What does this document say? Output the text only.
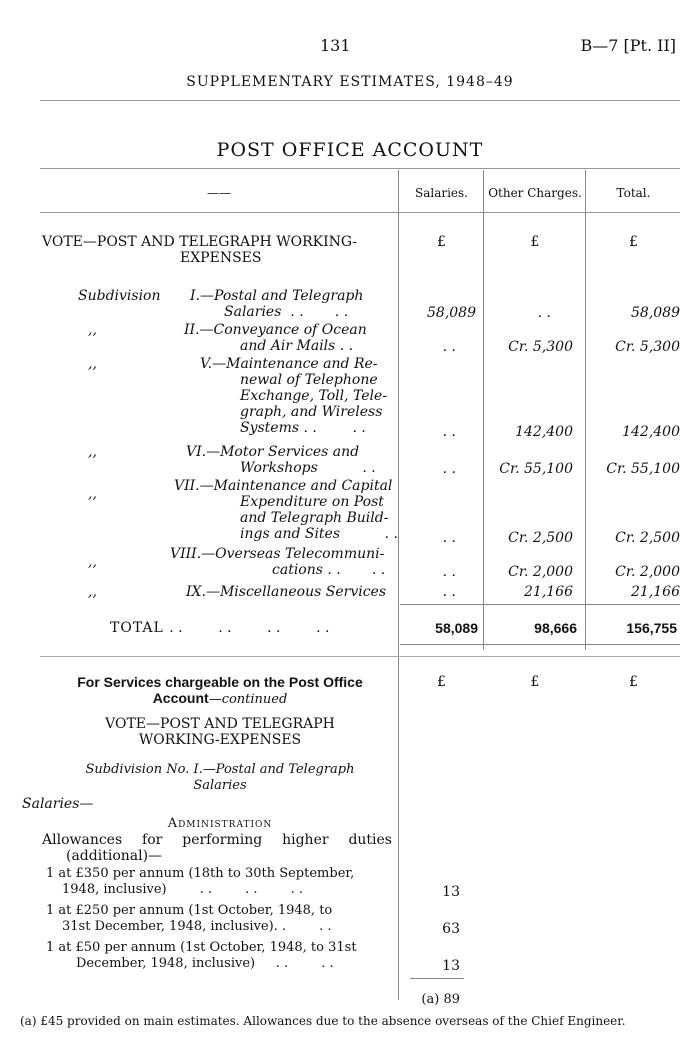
131	B—7 [Pt. II]
SUPPLEMENTARY ESTIMATES, 1948–49
POST OFFICE ACCOUNT
——	Salaries.	Other Charges.	Total.
VOTE—POST AND TELEGRAPH WORKING-
EXPENSES
£	£	£
Subdivision I.—Postal and Telegraph
Salaries  . .       . .	58,089	. .	58,089
,,	II.—Conveyance of Ocean
and Air Mails . .	. .	Cr. 5,300	Cr. 5,300
,,	V.—Maintenance and Re-
newal of Telephone
Exchange, Toll, Tele-
graph, and Wireless
Systems . .        . .	. .	142,400	142,400
,,	VI.—Motor Services and
Workshops	. .	. .	Cr. 55,100	Cr. 55,100
,,	VII.—Maintenance and Capital
Expenditure on Post
and Telegraph Build-
ings and Sites	. .	. .	Cr. 2,500	Cr. 2,500
,,	VIII.—Overseas Telecommuni-
cations . .       . .	. .	Cr. 2,000	Cr. 2,000
,,	IX.—Miscellaneous Services	. .	21,166	21,166
TOTAL . .        . .        . .        . .	58,089	98,666	156,755
For Services chargeable on the Post Office
Account—continued
£	£	£
VOTE—POST AND TELEGRAPH
WORKING-EXPENSES
Subdivision No. I.—Postal and Telegraph
Salaries
Salaries—
Administration
Allowances for performing higher duties
(additional)—
1 at £350 per annum (18th to 30th September,
1948, inclusive)	. .        . .        . .	13
1 at £250 per annum (1st October, 1948, to
31st December, 1948, inclusive). .	. .	63
1 at £50 per annum (1st October, 1948, to 31st
December, 1948, inclusive) . .        . .	13
(a) 89
(a) £45 provided on main estimates. Allowances due to the absence overseas of the Chief Engineer.
